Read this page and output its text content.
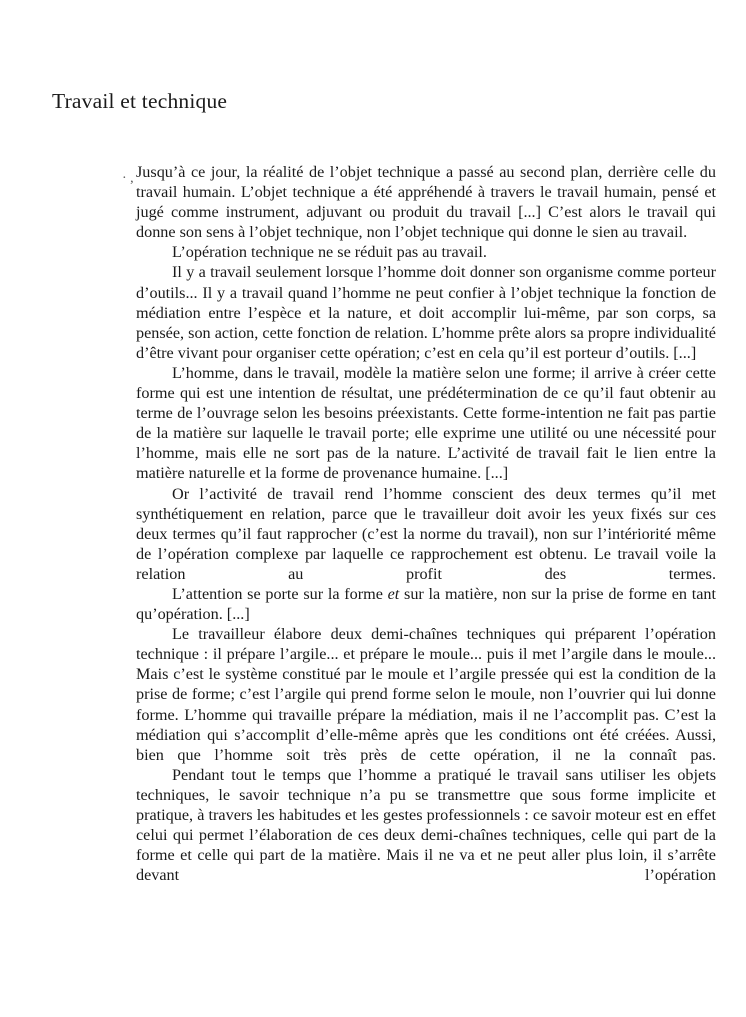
Travail et technique
· , Jusqu’à ce jour, la réalité de l’objet technique a passé au second plan, derrière celle du travail humain. L’objet technique a été appréhendé à travers le travail humain, pensé et jugé comme instrument, adjuvant ou produit du travail [...] C’est alors le travail qui donne son sens à l’objet technique, non l’objet technique qui donne le sien au travail.

L’opération technique ne se réduit pas au travail.

Il y a travail seulement lorsque l’homme doit donner son organisme comme porteur d’outils... Il y a travail quand l’homme ne peut confier à l’objet technique la fonction de médiation entre l’espèce et la nature, et doit accomplir lui-même, par son corps, sa pensée, son action, cette fonction de relation. L’homme prête alors sa propre individualité d’être vivant pour organiser cette opération; c’est en cela qu’il est porteur d’outils. [...]

L’homme, dans le travail, modèle la matière selon une forme; il arrive à créer cette forme qui est une intention de résultat, une prédétermination de ce qu’il faut obtenir au terme de l’ouvrage selon les besoins préexistants. Cette forme-intention ne fait pas partie de la matière sur laquelle le travail porte; elle exprime une utilité ou une nécessité pour l’homme, mais elle ne sort pas de la nature. L’activité de travail fait le lien entre la matière naturelle et la forme de provenance humaine. [...]

Or l’activité de travail rend l’homme conscient des deux termes qu’il met synthétiquement en relation, parce que le travailleur doit avoir les yeux fixés sur ces deux termes qu’il faut rapprocher (c’est la norme du travail), non sur l’intériorité même de l’opération complexe par laquelle ce rapprochement est obtenu. Le travail voile la relation au profit des termes.

L’attention se porte sur la forme et sur la matière, non sur la prise de forme en tant qu’opération. [...]

Le travailleur élabore deux demi-chaînes techniques qui préparent l’opération technique : il prépare l’argile... et prépare le moule... puis il met l’argile dans le moule... Mais c’est le système constitué par le moule et l’argile pressée qui est la condition de la prise de forme; c’est l’argile qui prend forme selon le moule, non l’ouvrier qui lui donne forme. L’homme qui travaille prépare la médiation, mais il ne l’accomplit pas. C’est la médiation qui s’accomplit d’elle-même après que les conditions ont été créées. Aussi, bien que l’homme soit très près de cette opération, il ne la connaît pas.

Pendant tout le temps que l’homme a pratiqué le travail sans utiliser les objets techniques, le savoir technique n’a pu se transmettre que sous forme implicite et pratique, à travers les habitudes et les gestes professionnels : ce savoir moteur est en effet celui qui permet l’élaboration de ces deux demi-chaînes techniques, celle qui part de la forme et celle qui part de la matière. Mais il ne va et ne peut aller plus loin, il s’arrête devant l’opération
